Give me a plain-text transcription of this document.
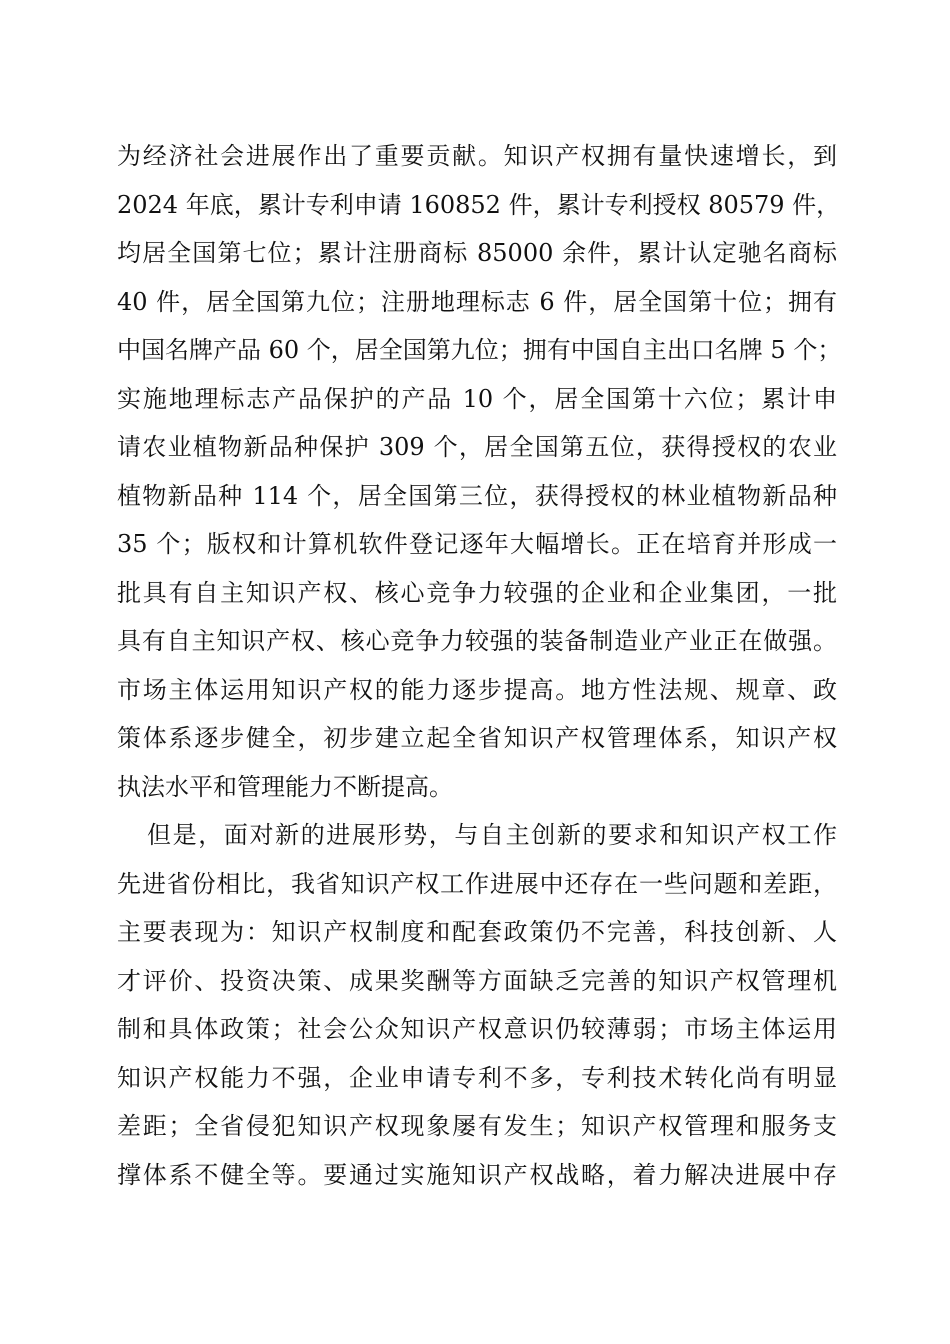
为经济社会进展作出了重要贡献。知识产权拥有量快速增长，到
2024 年底，累计专利申请 160852 件，累计专利授权 80579 件，
均居全国第七位；累计注册商标 85000 余件，累计认定驰名商标
40 件，居全国第九位；注册地理标志 6 件，居全国第十位；拥有
中国名牌产品 60 个，居全国第九位；拥有中国自主出口名牌 5 个；
实施地理标志产品保护的产品 10 个，居全国第十六位；累计申
请农业植物新品种保护 309 个，居全国第五位，获得授权的农业
植物新品种 114 个，居全国第三位，获得授权的林业植物新品种
35 个；版权和计算机软件登记逐年大幅增长。正在培育并形成一
批具有自主知识产权、核心竞争力较强的企业和企业集团，一批
具有自主知识产权、核心竞争力较强的装备制造业产业正在做强。
市场主体运用知识产权的能力逐步提高。地方性法规、规章、政
策体系逐步健全，初步建立起全省知识产权管理体系，知识产权
执法水平和管理能力不断提高。
但是，面对新的进展形势，与自主创新的要求和知识产权工作
先进省份相比，我省知识产权工作进展中还存在一些问题和差距，
主要表现为：知识产权制度和配套政策仍不完善，科技创新、人
才评价、投资决策、成果奖酬等方面缺乏完善的知识产权管理机
制和具体政策；社会公众知识产权意识仍较薄弱；市场主体运用
知识产权能力不强，企业申请专利不多，专利技术转化尚有明显
差距；全省侵犯知识产权现象屡有发生；知识产权管理和服务支
撑体系不健全等。要通过实施知识产权战略，着力解决进展中存
